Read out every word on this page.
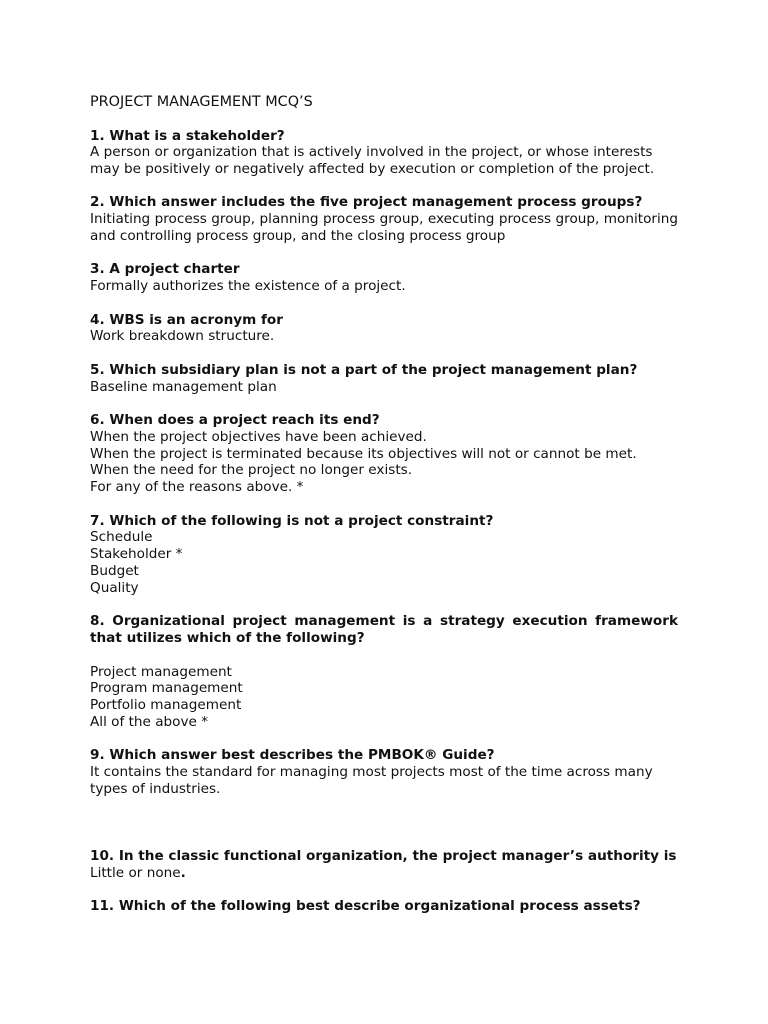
PROJECT MANAGEMENT MCQ’S

1. What is a stakeholder?

A person or organization that is actively involved in the project, or whose interests may be positively or negatively affected by execution or completion of the project.

2. Which answer includes the five project management process groups?

Initiating process group, planning process group, executing process group, monitoring and controlling process group, and the closing process group

3. A project charter

Formally authorizes the existence of a project.

4. WBS is an acronym for

Work breakdown structure.

5. Which subsidiary plan is not a part of the project management plan?

Baseline management plan

6. When does a project reach its end?

When the project objectives have been achieved.

When the project is terminated because its objectives will not or cannot be met.

When the need for the project no longer exists.

For any of the reasons above. *

7. Which of the following is not a project constraint?

Schedule

Stakeholder *

Budget

Quality

8. Organizational project management is a strategy execution framework that utilizes which of the following?

Project management

Program management

Portfolio management

All of the above *

9. Which answer best describes the PMBOK® Guide?

It contains the standard for managing most projects most of the time across many types of industries.

10. In the classic functional organization, the project manager’s authority is

Little or none.

11. Which of the following best describe organizational process assets?
